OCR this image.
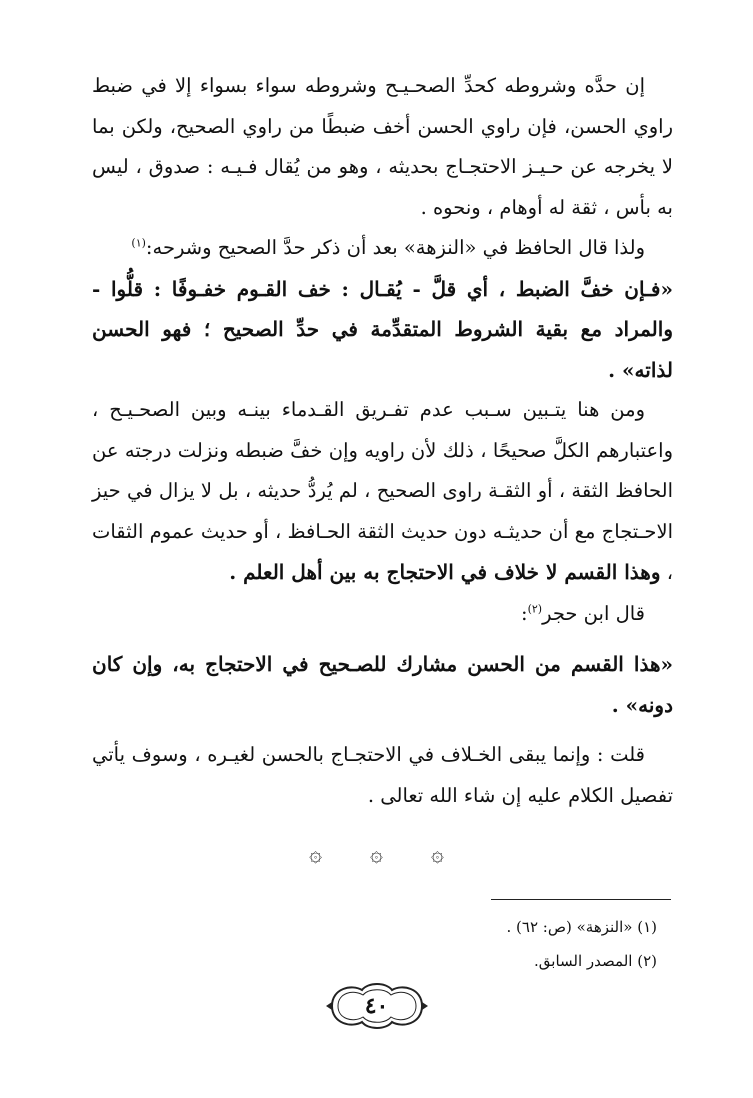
إن حدَّه وشروطه كحدِّ الصحـيـح وشروطه سواء بسواء إلا في ضبط راوي الحسن، فإن راوي الحسن أخف ضبطًا من راوي الصحيح، ولكن بما لا يخرجه عن حـيـز الاحتجـاج بحديثه ، وهو من يُقال فـيـه : صدوق ، ليس به بأس ، ثقة له أوهام ، ونحوه .

ولذا قال الحافظ في «النزهة» بعد أن ذكر حدَّ الصحيح وشرحه:$^{(١)}$

«فـإن خفَّ الضبط ، أي قلَّ - يُقـال : خف القـوم خفـوفًا : قلُّوا - والمراد مع بقية الشروط المتقدِّمة في حدِّ الصحيح ؛ فهو الحسن لذاته» .

ومن هنا يتـبين سـبب عدم تفـريق القـدماء بينـه وبين الصحـيـح ، واعتبارهم الكلَّ صحيحًا ، ذلك لأن راويه وإن خفَّ ضبطه ونزلت درجته عن الحافظ الثقة ، أو الثقـة راوى الصحيح ، لم يُردُّ حديثه ، بل لا يزال في حيز الاحـتجاج مع أن حديثـه دون حديث الثقة الحـافظ ، أو حديث عموم الثقات ، وهذا القسم لا خلاف في الاحتجاج به بين أهل العلم .

قال ابن حجر$^{(٢)}$:

«هذا القسم من الحسن مشارك للصـحيح في الاحتجاج به، وإن كان دونه» .

قلت : وإنما يبقى الخـلاف في الاحتجـاج بالحسن لغيـره ، وسوف يأتي تفصيل الكلام عليه إن شاء الله تعالى .

۞ ۞ ۞

(١) «النزهة» (ص: ٦٢) .

(٢) المصدر السابق.

٤٠
